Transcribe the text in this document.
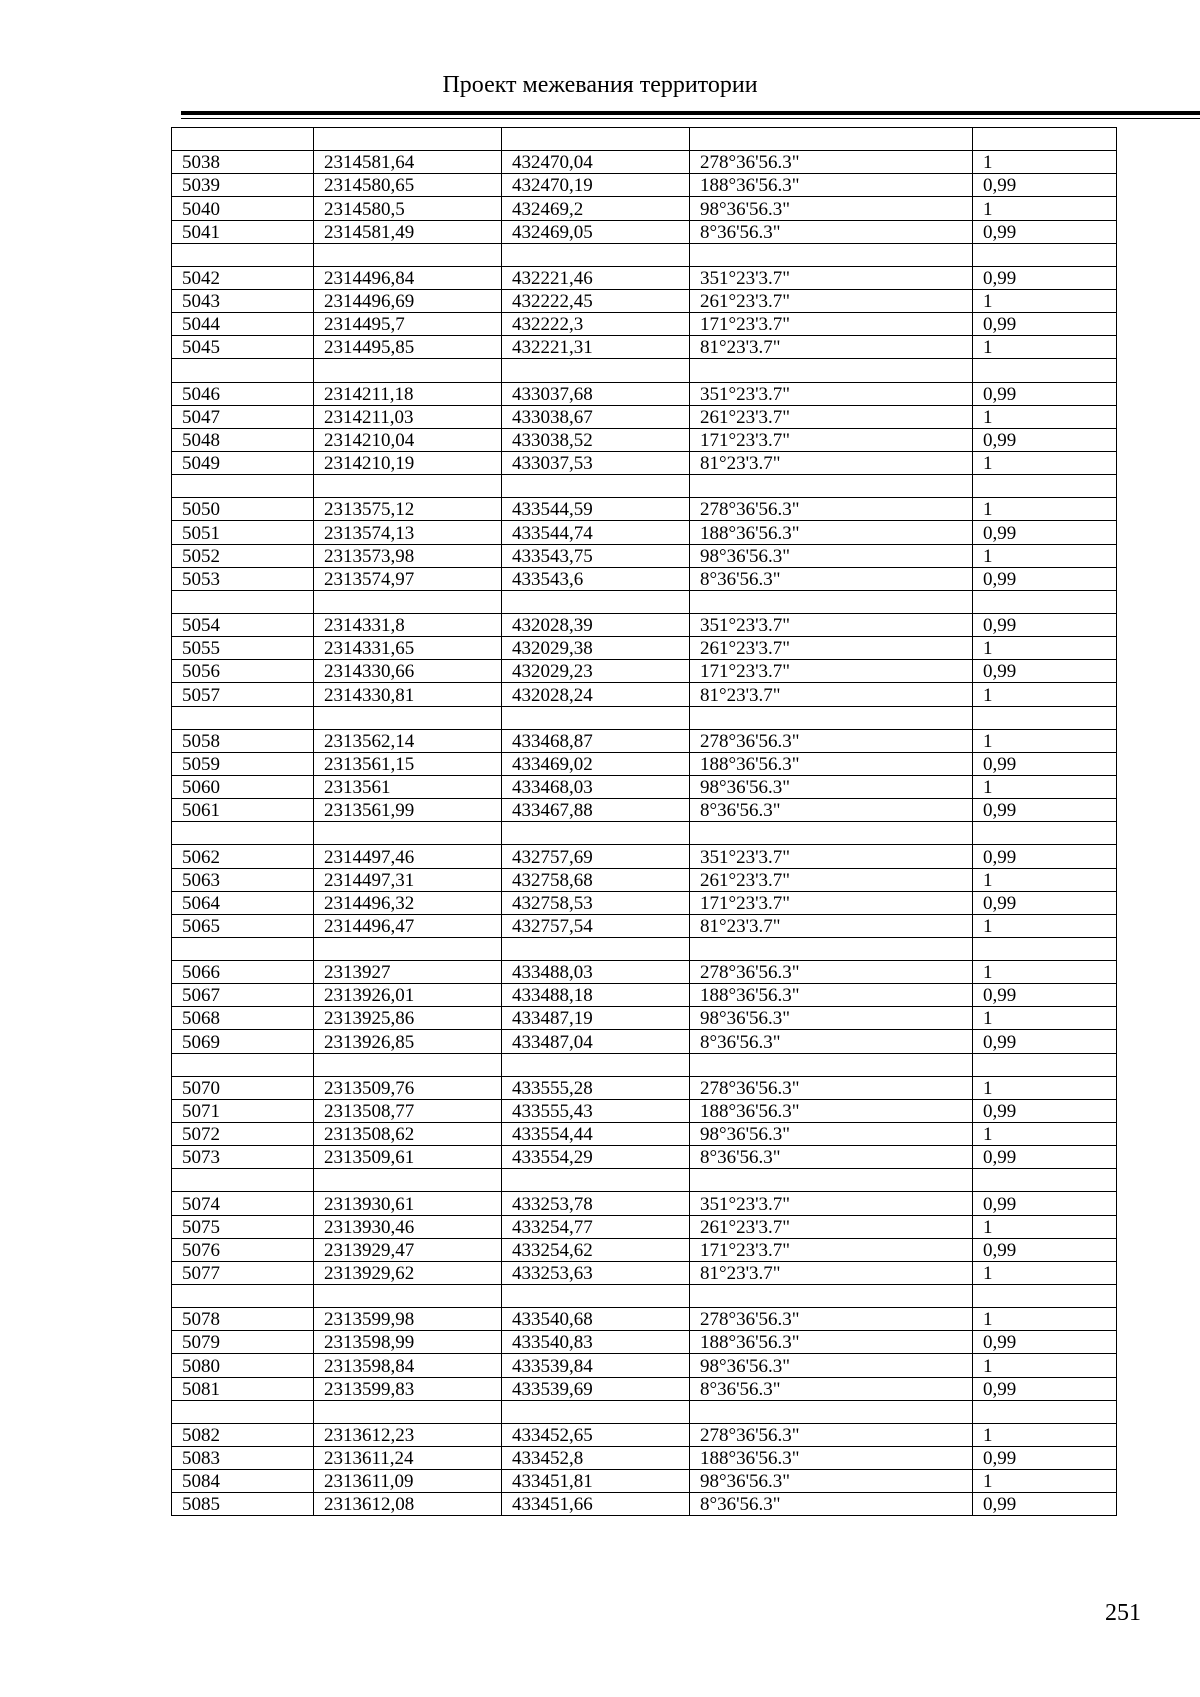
Проект межевания территории

5038	2314581,64	432470,04	278°36'56.3"	1
5039	2314580,65	432470,19	188°36'56.3"	0,99
5040	2314580,5	432469,2	98°36'56.3"	1
5041	2314581,49	432469,05	8°36'56.3"	0,99

5042	2314496,84	432221,46	351°23'3.7"	0,99
5043	2314496,69	432222,45	261°23'3.7"	1
5044	2314495,7	432222,3	171°23'3.7"	0,99
5045	2314495,85	432221,31	81°23'3.7"	1

5046	2314211,18	433037,68	351°23'3.7"	0,99
5047	2314211,03	433038,67	261°23'3.7"	1
5048	2314210,04	433038,52	171°23'3.7"	0,99
5049	2314210,19	433037,53	81°23'3.7"	1

5050	2313575,12	433544,59	278°36'56.3"	1
5051	2313574,13	433544,74	188°36'56.3"	0,99
5052	2313573,98	433543,75	98°36'56.3"	1
5053	2313574,97	433543,6	8°36'56.3"	0,99

5054	2314331,8	432028,39	351°23'3.7"	0,99
5055	2314331,65	432029,38	261°23'3.7"	1
5056	2314330,66	432029,23	171°23'3.7"	0,99
5057	2314330,81	432028,24	81°23'3.7"	1

5058	2313562,14	433468,87	278°36'56.3"	1
5059	2313561,15	433469,02	188°36'56.3"	0,99
5060	2313561	433468,03	98°36'56.3"	1
5061	2313561,99	433467,88	8°36'56.3"	0,99

5062	2314497,46	432757,69	351°23'3.7"	0,99
5063	2314497,31	432758,68	261°23'3.7"	1
5064	2314496,32	432758,53	171°23'3.7"	0,99
5065	2314496,47	432757,54	81°23'3.7"	1

5066	2313927	433488,03	278°36'56.3"	1
5067	2313926,01	433488,18	188°36'56.3"	0,99
5068	2313925,86	433487,19	98°36'56.3"	1
5069	2313926,85	433487,04	8°36'56.3"	0,99

5070	2313509,76	433555,28	278°36'56.3"	1
5071	2313508,77	433555,43	188°36'56.3"	0,99
5072	2313508,62	433554,44	98°36'56.3"	1
5073	2313509,61	433554,29	8°36'56.3"	0,99

5074	2313930,61	433253,78	351°23'3.7"	0,99
5075	2313930,46	433254,77	261°23'3.7"	1
5076	2313929,47	433254,62	171°23'3.7"	0,99
5077	2313929,62	433253,63	81°23'3.7"	1

5078	2313599,98	433540,68	278°36'56.3"	1
5079	2313598,99	433540,83	188°36'56.3"	0,99
5080	2313598,84	433539,84	98°36'56.3"	1
5081	2313599,83	433539,69	8°36'56.3"	0,99

5082	2313612,23	433452,65	278°36'56.3"	1
5083	2313611,24	433452,8	188°36'56.3"	0,99
5084	2313611,09	433451,81	98°36'56.3"	1
5085	2313612,08	433451,66	8°36'56.3"	0,99
251
